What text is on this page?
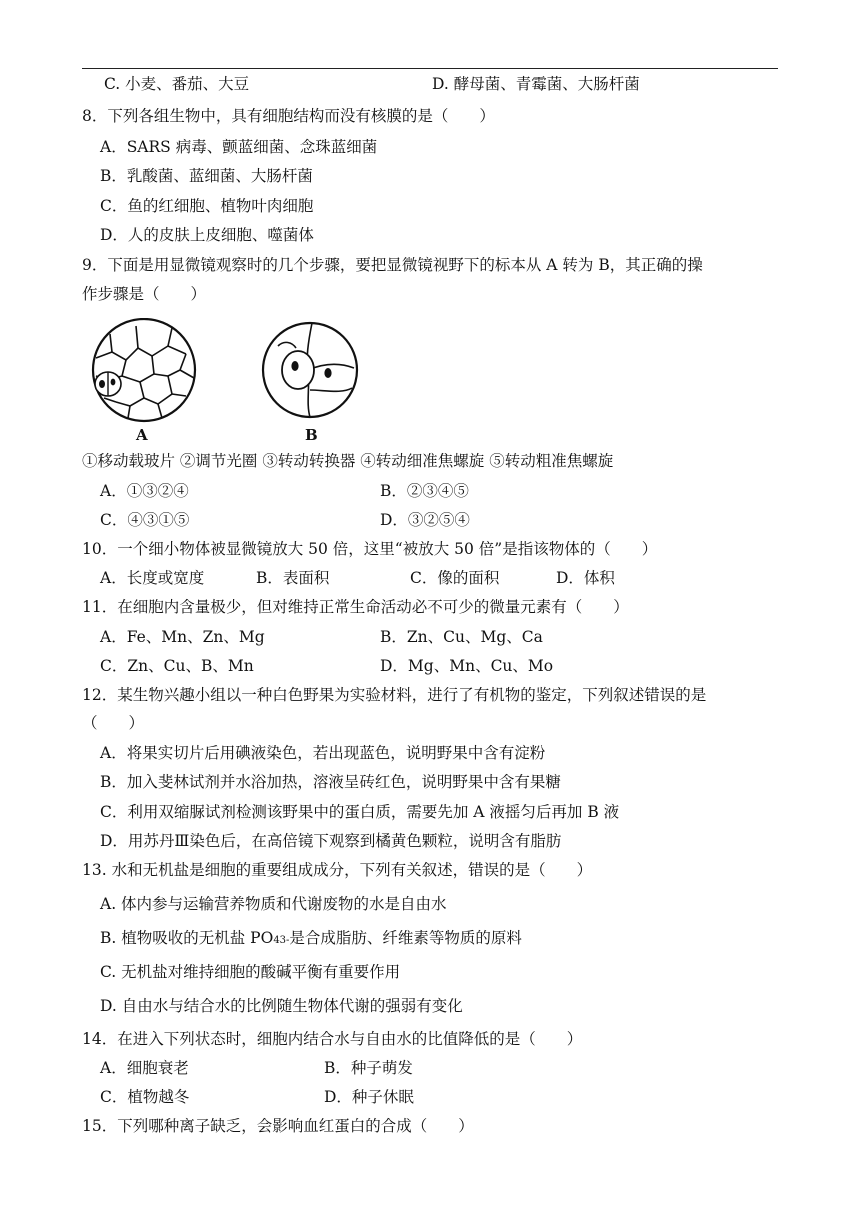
C. 小麦、番茄、大豆	D. 酵母菌、青霉菌、大肠杆菌
8．下列各组生物中，具有细胞结构而没有核膜的是（　　）
A．SARS 病毒、颤蓝细菌、念珠蓝细菌
B．乳酸菌、蓝细菌、大肠杆菌
C．鱼的红细胞、植物叶肉细胞
D．人的皮肤上皮细胞、噬菌体
9．下面是用显微镜观察时的几个步骤，要把显微镜视野下的标本从 A 转为 B，其正确的操
作步骤是（　　）
A	B
①移动载玻片 ②调节光圈 ③转动转换器 ④转动细准焦螺旋 ⑤转动粗准焦螺旋
A．①③②④	B．②③④⑤
C．④③①⑤	D．③②⑤④
10．一个细小物体被显微镜放大 50 倍，这里“被放大 50 倍”是指该物体的（　　）
A．长度或宽度	B．表面积	C．像的面积	D．体积
11．在细胞内含量极少，但对维持正常生命活动必不可少的微量元素有（　　）
A．Fe、Mn、Zn、Mg	B．Zn、Cu、Mg、Ca
C．Zn、Cu、B、Mn	D．Mg、Mn、Cu、Mo
12．某生物兴趣小组以一种白色野果为实验材料，进行了有机物的鉴定，下列叙述错误的是
（　　）
A．将果实切片后用碘液染色，若出现蓝色，说明野果中含有淀粉
B．加入斐林试剂并水浴加热，溶液呈砖红色，说明野果中含有果糖
C．利用双缩脲试剂检测该野果中的蛋白质，需要先加 A 液摇匀后再加 B 液
D．用苏丹Ⅲ染色后，在高倍镜下观察到橘黄色颗粒，说明含有脂肪
13. 水和无机盐是细胞的重要组成成分，下列有关叙述，错误的是（　　）
A. 体内参与运输营养物质和代谢废物的水是自由水
B. 植物吸收的无机盐 PO43-是合成脂肪、纤维素等物质的原料
C. 无机盐对维持细胞的酸碱平衡有重要作用
D. 自由水与结合水的比例随生物体代谢的强弱有变化
14．在进入下列状态时，细胞内结合水与自由水的比值降低的是（　　）
A．细胞衰老	B．种子萌发
C．植物越冬	D．种子休眠
15．下列哪种离子缺乏，会影响血红蛋白的合成（　　）
